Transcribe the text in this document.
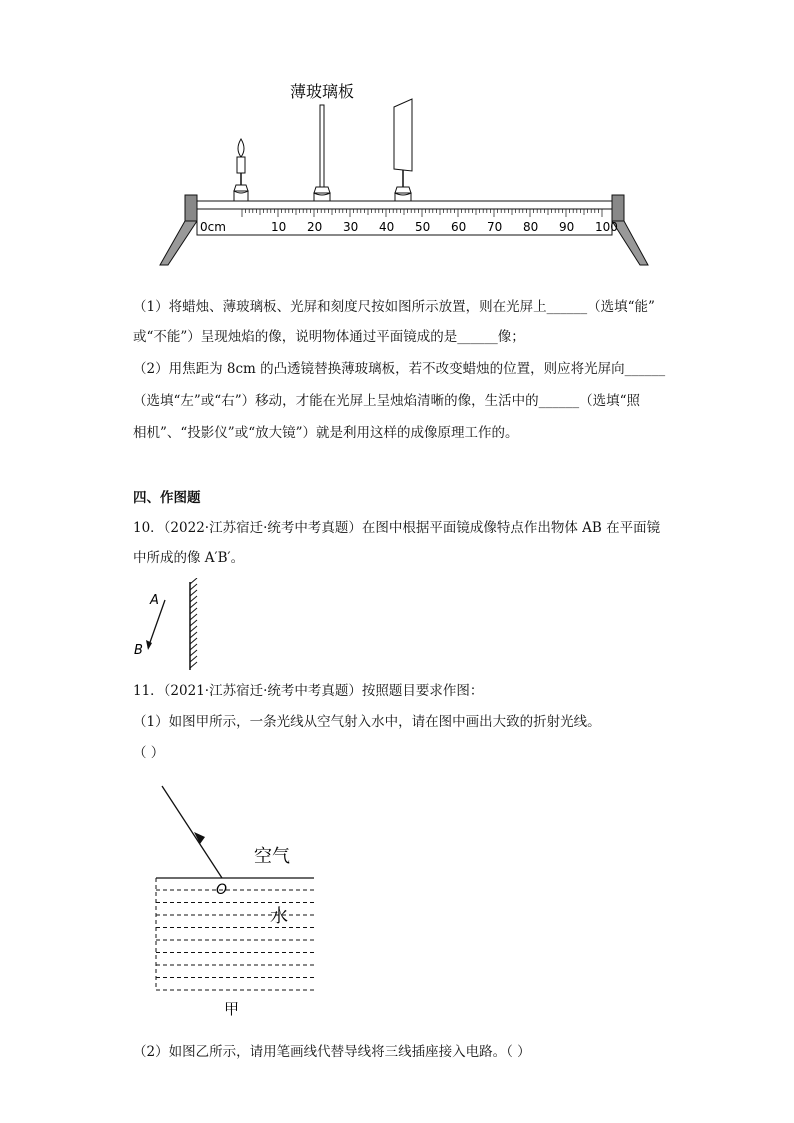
薄玻璃板
0cm	10 20 30 40 50 60 70 80 90 100
（1）将蜡烛、薄玻璃板、光屏和刻度尺按如图所示放置，则在光屏上______（选填“能”
或“不能”）呈现烛焰的像，说明物体通过平面镜成的是______像；
（2）用焦距为 8cm 的凸透镜替换薄玻璃板，若不改变蜡烛的位置，则应将光屏向______
（选填“左”或“右”）移动，才能在光屏上呈烛焰清晰的像，生活中的______（选填“照
相机”、“投影仪”或“放大镜”）就是利用这样的成像原理工作的。
四、作图题
10．（2022·江苏宿迁·统考中考真题）在图中根据平面镜成像特点作出物体 AB 在平面镜
中所成的像 A′B′。
A
B
11．（2021·江苏宿迁·统考中考真题）按照题目要求作图：
（1）如图甲所示，一条光线从空气射入水中，请在图中画出大致的折射光线。
（ ）
空气
O
水
甲
（2）如图乙所示，请用笔画线代替导线将三线插座接入电路。（ ）
